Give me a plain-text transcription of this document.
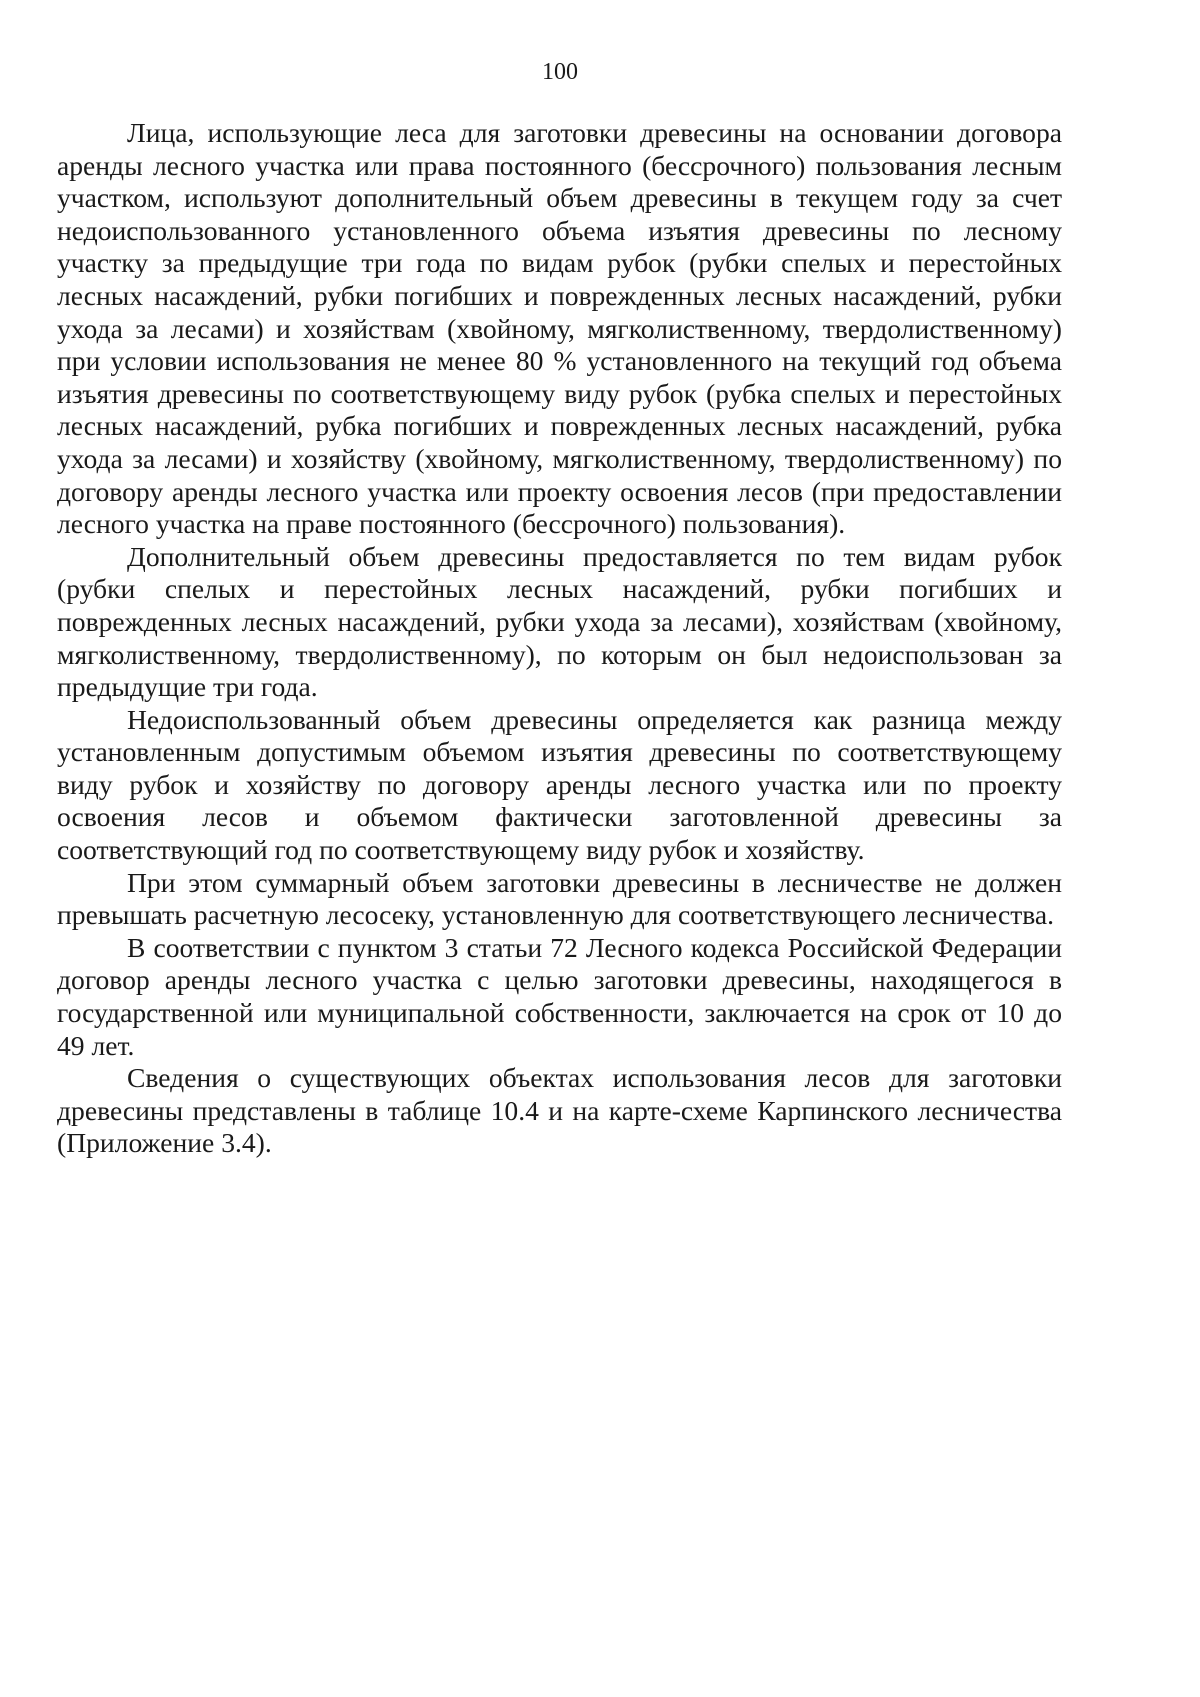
100

Лица, использующие леса для заготовки древесины на основании договора аренды лесного участка или права постоянного (бессрочного) пользования лесным участком, используют дополнительный объем древесины в текущем году за счет недоиспользованного установленного объема изъятия древесины по лесному участку за предыдущие три года по видам рубок (рубки спелых и перестойных лесных насаждений, рубки погибших и поврежденных лесных насаждений, рубки ухода за лесами) и хозяйствам (хвойному, мягколиственному, твердолиственному) при условии использования не менее 80 % установленного на текущий год объема изъятия древесины по соответствующему виду рубок (рубка спелых и перестойных лесных насаждений, рубка погибших и поврежденных лесных насаждений, рубка ухода за лесами) и хозяйству (хвойному, мягколиственному, твердолиственному) по договору аренды лесного участка или проекту освоения лесов (при предоставлении лесного участка на праве постоянного (бессрочного) пользования).

Дополнительный объем древесины предоставляется по тем видам рубок (рубки спелых и перестойных лесных насаждений, рубки погибших и поврежденных лесных насаждений, рубки ухода за лесами), хозяйствам (хвойному, мягколиственному, твердолиственному), по которым он был недоиспользован за предыдущие три года.

Недоиспользованный объем древесины определяется как разница между установленным допустимым объемом изъятия древесины по соответствующему виду рубок и хозяйству по договору аренды лесного участка или по проекту освоения лесов и объемом фактически заготовленной древесины за соответствующий год по соответствующему виду рубок и хозяйству.

При этом суммарный объем заготовки древесины в лесничестве не должен превышать расчетную лесосеку, установленную для соответствующего лесничества.

В соответствии с пунктом 3 статьи 72 Лесного кодекса Российской Федерации договор аренды лесного участка с целью заготовки древесины, находящегося в государственной или муниципальной собственности, заключается на срок от 10 до 49 лет.

Сведения о существующих объектах использования лесов для заготовки древесины представлены в таблице 10.4 и на карте-схеме Карпинского лесничества (Приложение 3.4).
